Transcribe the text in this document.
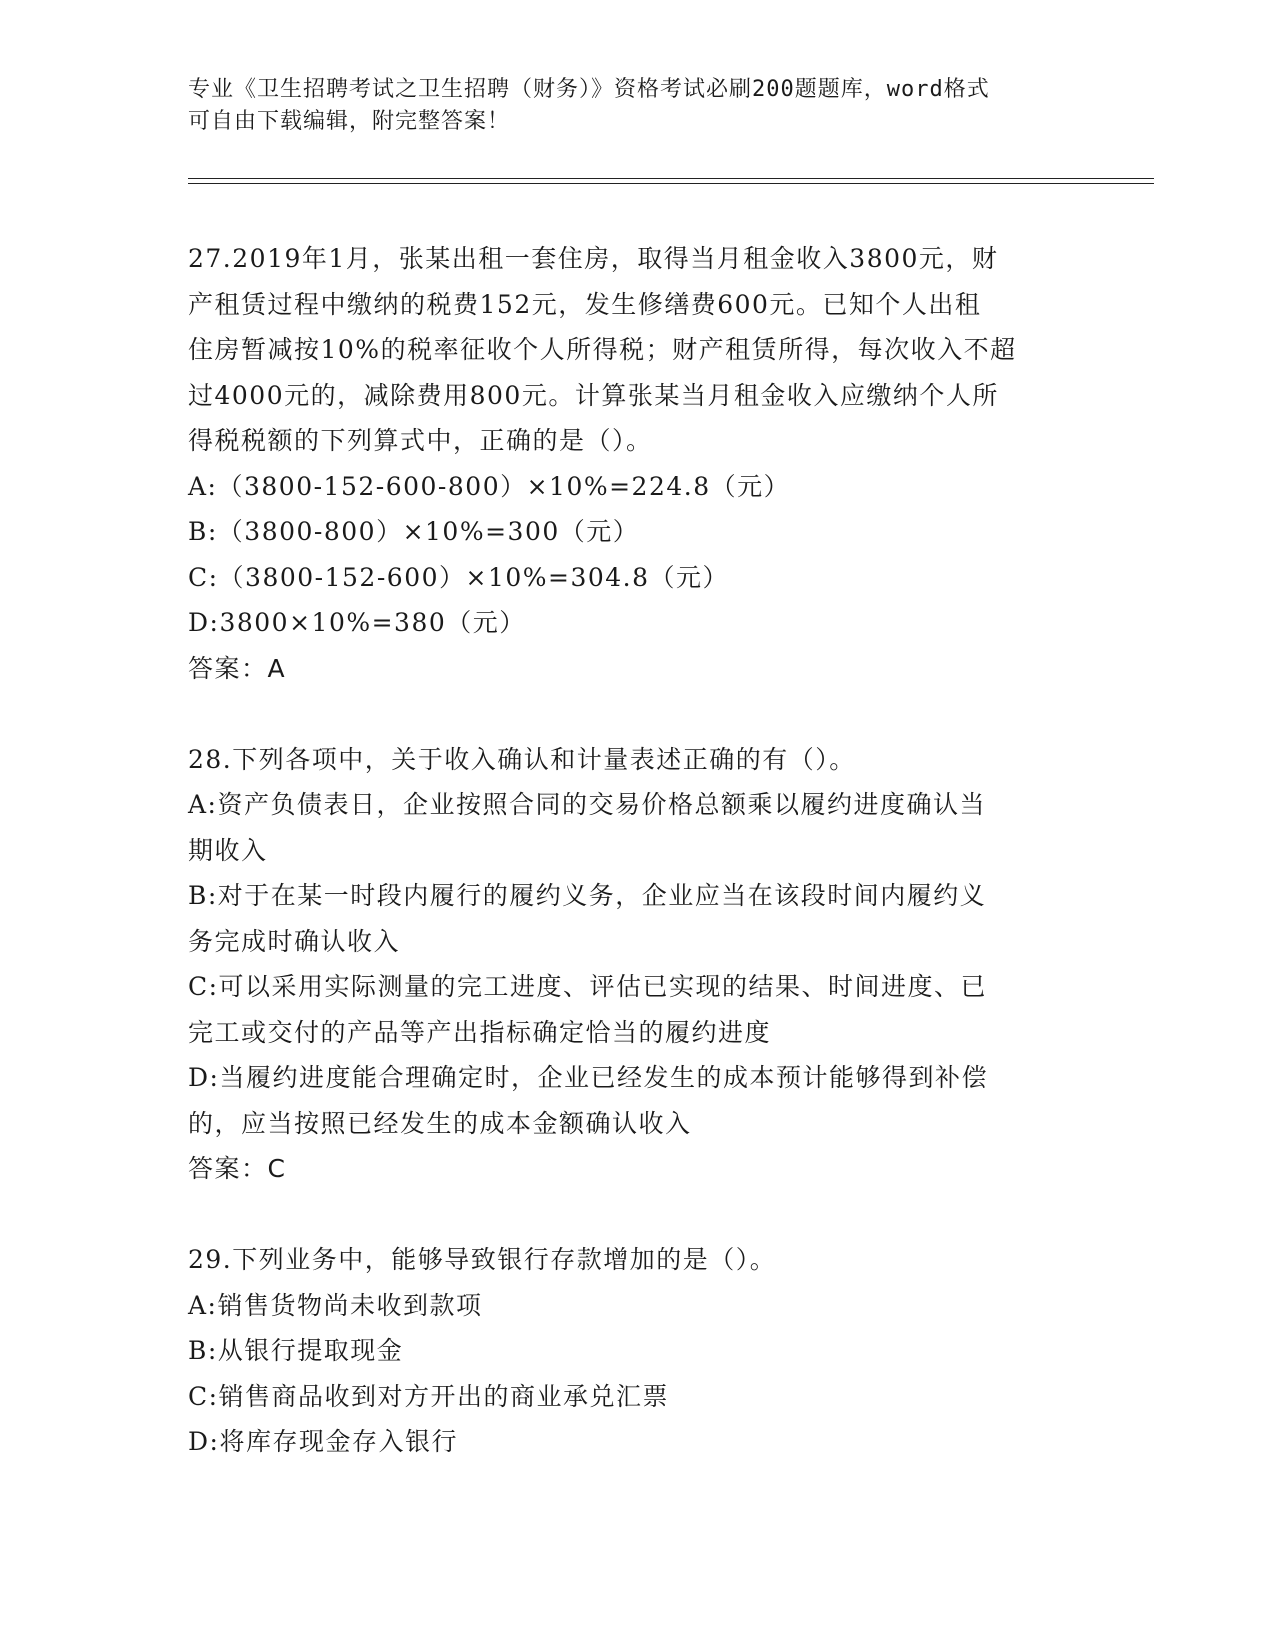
专业《卫生招聘考试之卫生招聘（财务）》资格考试必刷200题题库，word格式
可自由下载编辑，附完整答案！
27.2019年1月，张某出租一套住房，取得当月租金收入3800元，财
产租赁过程中缴纳的税费152元，发生修缮费600元。已知个人出租
住房暂减按10%的税率征收个人所得税；财产租赁所得，每次收入不超
过4000元的，减除费用800元。计算张某当月租金收入应缴纳个人所
得税税额的下列算式中，正确的是（）。
A:（3800-152-600-800）×10%=224.8（元）
B:（3800-800）×10%=300（元）
C:（3800-152-600）×10%=304.8（元）
D:3800×10%=380（元）
答案：A
28.下列各项中，关于收入确认和计量表述正确的有（）。
A:资产负债表日，企业按照合同的交易价格总额乘以履约进度确认当
期收入
B:对于在某一时段内履行的履约义务，企业应当在该段时间内履约义
务完成时确认收入
C:可以采用实际测量的完工进度、评估已实现的结果、时间进度、已
完工或交付的产品等产出指标确定恰当的履约进度
D:当履约进度能合理确定时，企业已经发生的成本预计能够得到补偿
的，应当按照已经发生的成本金额确认收入
答案：C
29.下列业务中，能够导致银行存款增加的是（）。
A:销售货物尚未收到款项
B:从银行提取现金
C:销售商品收到对方开出的商业承兑汇票
D:将库存现金存入银行
